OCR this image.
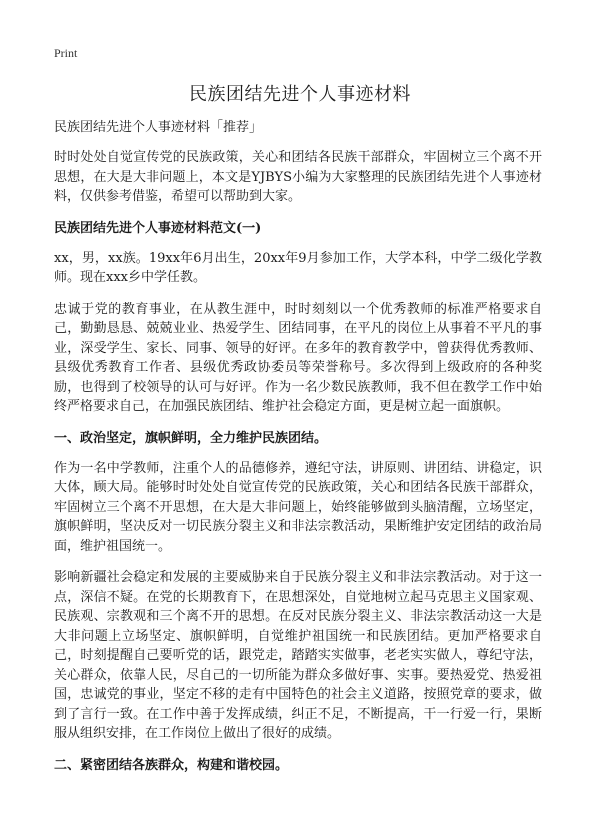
Print
民族团结先进个人事迹材料
民族团结先进个人事迹材料「推荐」

时时处处自觉宣传党的民族政策，关心和团结各民族干部群众，牢固树立三个离不开思想，在大是大非问题上，本文是YJBYS小编为大家整理的民族团结先进个人事迹材料，仅供参考借鉴，希望可以帮助到大家。

民族团结先进个人事迹材料范文(一)

xx，男，xx族。19xx年6月出生，20xx年9月参加工作，大学本科，中学二级化学教师。现在xxx乡中学任教。

忠诚于党的教育事业，在从教生涯中，时时刻刻以一个优秀教师的标准严格要求自己，勤勤恳恳、兢兢业业、热爱学生、团结同事，在平凡的岗位上从事着不平凡的事业，深受学生、家长、同事、领导的好评。在多年的教育教学中，曾获得优秀教师、县级优秀教育工作者、县级优秀政协委员等荣誉称号。多次得到上级政府的各种奖励，也得到了校领导的认可与好评。作为一名少数民族教师，我不但在教学工作中始终严格要求自己，在加强民族团结、维护社会稳定方面，更是树立起一面旗帜。

一、政治坚定，旗帜鲜明，全力维护民族团结。

作为一名中学教师，注重个人的品德修养，遵纪守法，讲原则、讲团结、讲稳定，识大体，顾大局。能够时时处处自觉宣传党的民族政策，关心和团结各民族干部群众，牢固树立三个离不开思想，在大是大非问题上，始终能够做到头脑清醒，立场坚定，旗帜鲜明，坚决反对一切民族分裂主义和非法宗教活动，果断维护安定团结的政治局面，维护祖国统一。

影响新疆社会稳定和发展的主要威胁来自于民族分裂主义和非法宗教活动。对于这一点，深信不疑。在党的长期教育下，在思想深处，自觉地树立起马克思主义国家观、民族观、宗教观和三个离不开的思想。在反对民族分裂主义、非法宗教活动这一大是大非问题上立场坚定、旗帜鲜明，自觉维护祖国统一和民族团结。更加严格要求自己，时刻提醒自己要听党的话，跟党走，踏踏实实做事，老老实实做人，尊纪守法，关心群众，依靠人民，尽自己的一切所能为群众多做好事、实事。要热爱党、热爱祖国，忠诚党的事业，坚定不移的走有中国特色的社会主义道路，按照党章的要求，做到了言行一致。在工作中善于发挥成绩，纠正不足，不断提高，干一行爱一行，果断服从组织安排，在工作岗位上做出了很好的成绩。

二、紧密团结各族群众，构建和谐校园。
